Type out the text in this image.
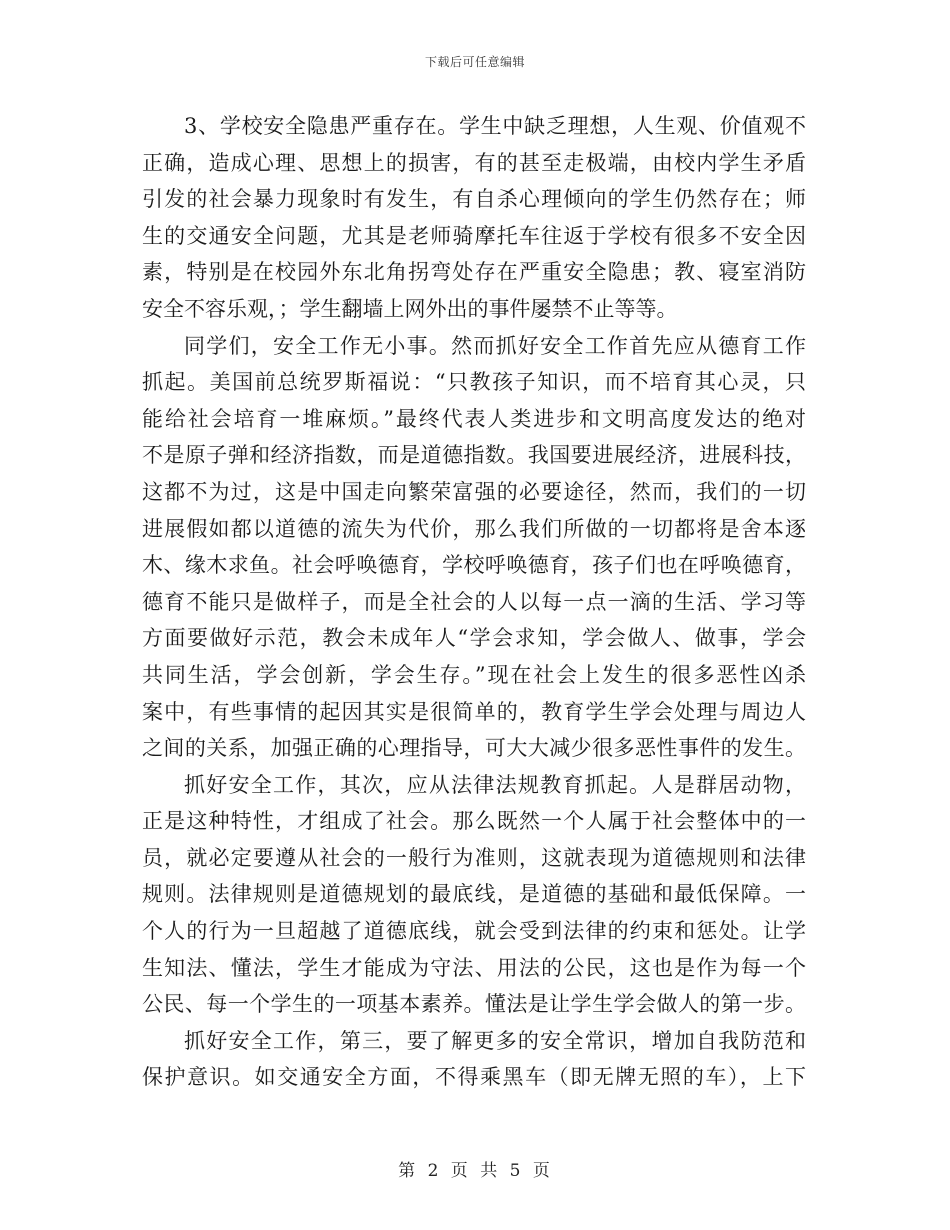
下载后可任意编辑
3、学校安全隐患严重存在。学生中缺乏理想，人生观、价值观不
正确，造成心理、思想上的损害，有的甚至走极端，由校内学生矛盾
引发的社会暴力现象时有发生，有自杀心理倾向的学生仍然存在；师
生的交通安全问题，尤其是老师骑摩托车往返于学校有很多不安全因
素，特别是在校园外东北角拐弯处存在严重安全隐患；教、寝室消防
安全不容乐观，；学生翻墙上网外出的事件屡禁不止等等。
同学们，安全工作无小事。然而抓好安全工作首先应从德育工作
抓起。美国前总统罗斯福说：“只教孩子知识，而不培育其心灵，只
能给社会培育一堆麻烦。”最终代表人类进步和文明高度发达的绝对
不是原子弹和经济指数，而是道德指数。我国要进展经济，进展科技，
这都不为过，这是中国走向繁荣富强的必要途径，然而，我们的一切
进展假如都以道德的流失为代价，那么我们所做的一切都将是舍本逐
木、缘木求鱼。社会呼唤德育，学校呼唤德育，孩子们也在呼唤德育，
德育不能只是做样子，而是全社会的人以每一点一滴的生活、学习等
方面要做好示范，教会未成年人“学会求知，学会做人、做事，学会
共同生活，学会创新，学会生存。”现在社会上发生的很多恶性凶杀
案中，有些事情的起因其实是很简单的，教育学生学会处理与周边人
之间的关系，加强正确的心理指导，可大大减少很多恶性事件的发生。
抓好安全工作，其次，应从法律法规教育抓起。人是群居动物，
正是这种特性，才组成了社会。那么既然一个人属于社会整体中的一
员，就必定要遵从社会的一般行为准则，这就表现为道德规则和法律
规则。法律规则是道德规划的最底线，是道德的基础和最低保障。一
个人的行为一旦超越了道德底线，就会受到法律的约束和惩处。让学
生知法、懂法，学生才能成为守法、用法的公民，这也是作为每一个
公民、每一个学生的一项基本素养。懂法是让学生学会做人的第一步。
抓好安全工作，第三，要了解更多的安全常识，增加自我防范和
保护意识。如交通安全方面，不得乘黑车（即无牌无照的车），上下
第 2 页 共 5 页
